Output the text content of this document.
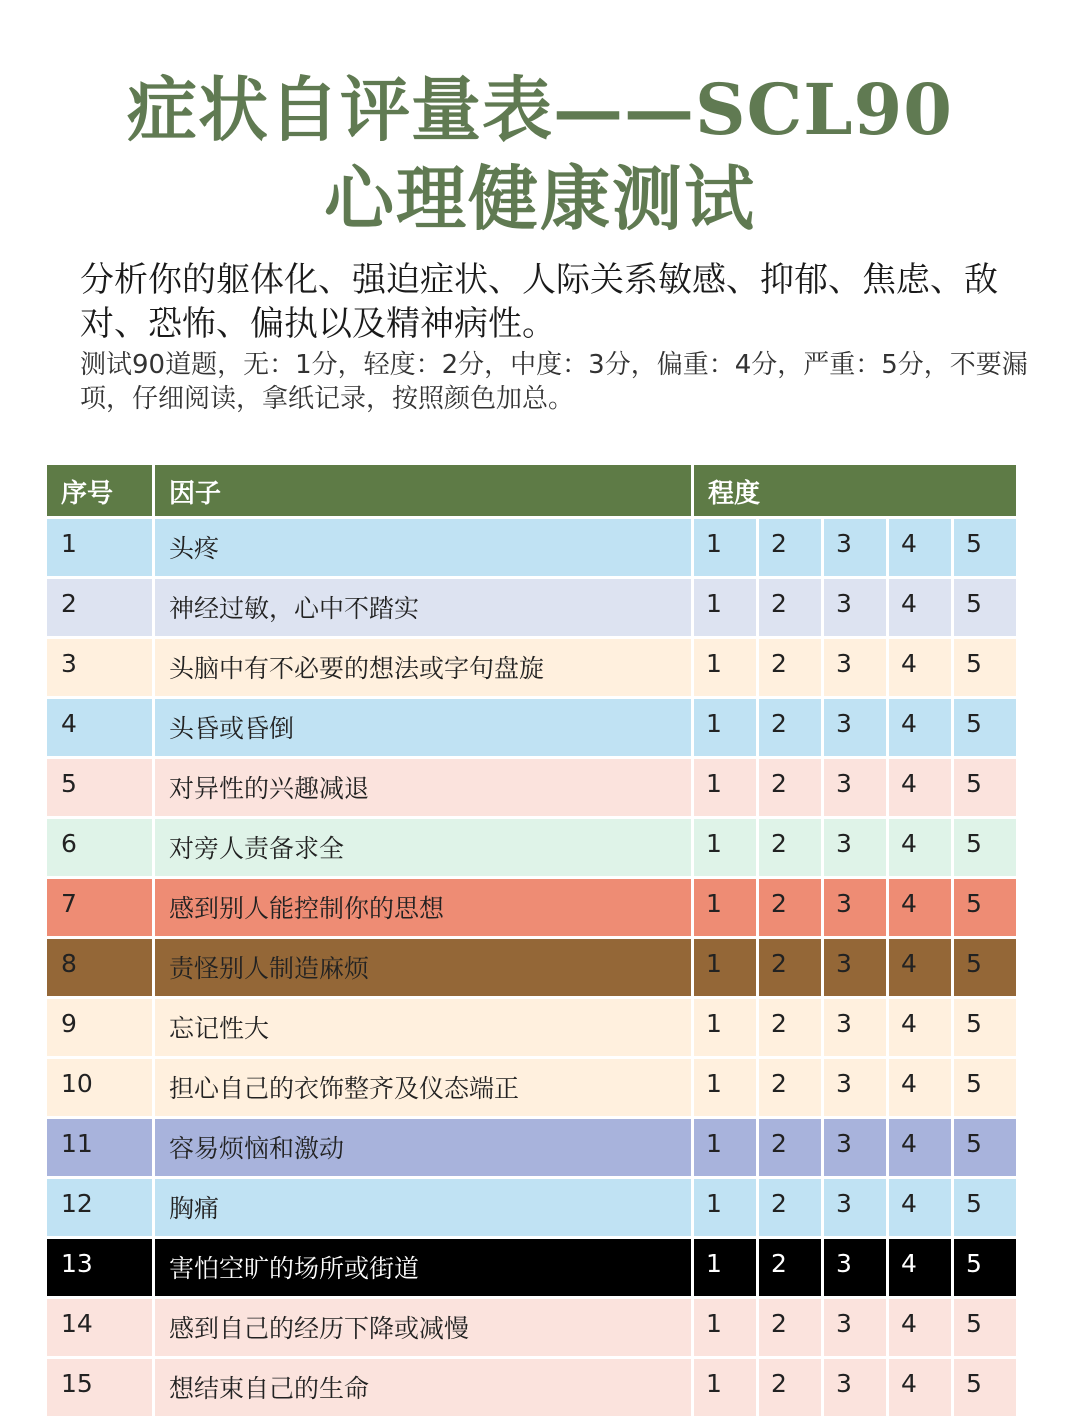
症状自评量表——SCL90
心理健康测试
分析你的躯体化、强迫症状、人际关系敏感、抑郁、焦虑、敌对、恐怖、偏执以及精神病性。
测试90道题，无：1分，轻度：2分，中度：3分，偏重：4分，严重：5分，不要漏项，仔细阅读，拿纸记录，按照颜色加总。
序号	因子	程度				
1	头疼	1	2	3	4	5
2	神经过敏，心中不踏实	1	2	3	4	5
3	头脑中有不必要的想法或字句盘旋	1	2	3	4	5
4	头昏或昏倒	1	2	3	4	5
5	对异性的兴趣减退	1	2	3	4	5
6	对旁人责备求全	1	2	3	4	5
7	感到别人能控制你的思想	1	2	3	4	5
8	责怪别人制造麻烦	1	2	3	4	5
9	忘记性大	1	2	3	4	5
10	担心自己的衣饰整齐及仪态端正	1	2	3	4	5
11	容易烦恼和激动	1	2	3	4	5
12	胸痛	1	2	3	4	5
13	害怕空旷的场所或街道	1	2	3	4	5
14	感到自己的经历下降或减慢	1	2	3	4	5
15	想结束自己的生命	1	2	3	4	5
